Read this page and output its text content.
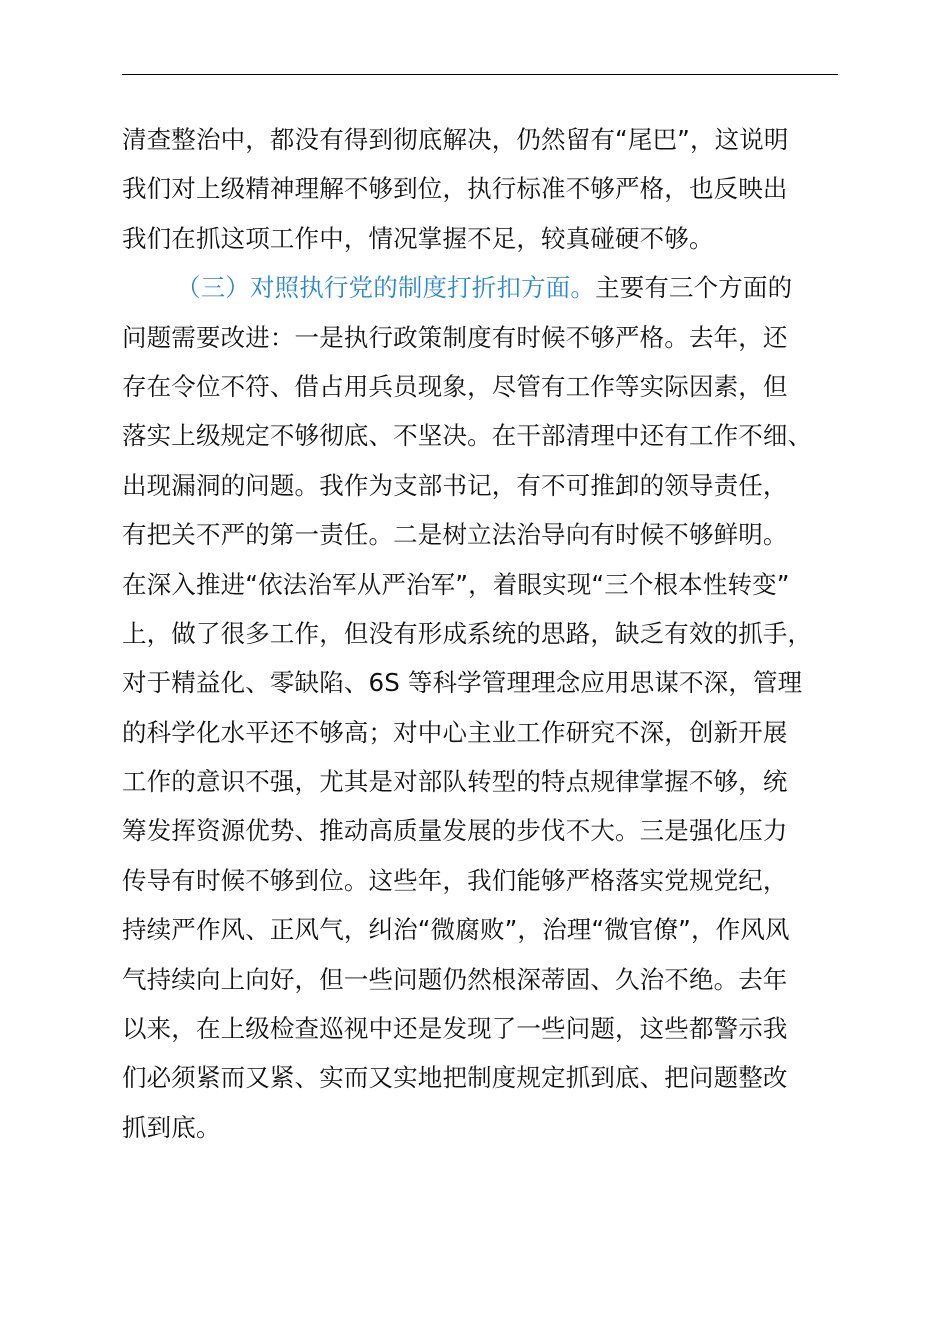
清查整治中，都没有得到彻底解决，仍然留有“尾巴”，这说明
我们对上级精神理解不够到位，执行标准不够严格，也反映出
我们在抓这项工作中，情况掌握不足，较真碰硬不够。
（三）对照执行党的制度打折扣方面。主要有三个方面的
问题需要改进：一是执行政策制度有时候不够严格。去年，还
存在令位不符、借占用兵员现象，尽管有工作等实际因素，但
落实上级规定不够彻底、不坚决。在干部清理中还有工作不细、
出现漏洞的问题。我作为支部书记，有不可推卸的领导责任，
有把关不严的第一责任。二是树立法治导向有时候不够鲜明。
在深入推进“依法治军从严治军”，着眼实现“三个根本性转变”
上，做了很多工作，但没有形成系统的思路，缺乏有效的抓手，
对于精益化、零缺陷、6S 等科学管理理念应用思谋不深，管理
的科学化水平还不够高；对中心主业工作研究不深，创新开展
工作的意识不强，尤其是对部队转型的特点规律掌握不够，统
筹发挥资源优势、推动高质量发展的步伐不大。三是强化压力
传导有时候不够到位。这些年，我们能够严格落实党规党纪，
持续严作风、正风气，纠治“微腐败”，治理“微官僚”，作风风
气持续向上向好，但一些问题仍然根深蒂固、久治不绝。去年
以来，在上级检查巡视中还是发现了一些问题，这些都警示我
们必须紧而又紧、实而又实地把制度规定抓到底、把问题整改
抓到底。
